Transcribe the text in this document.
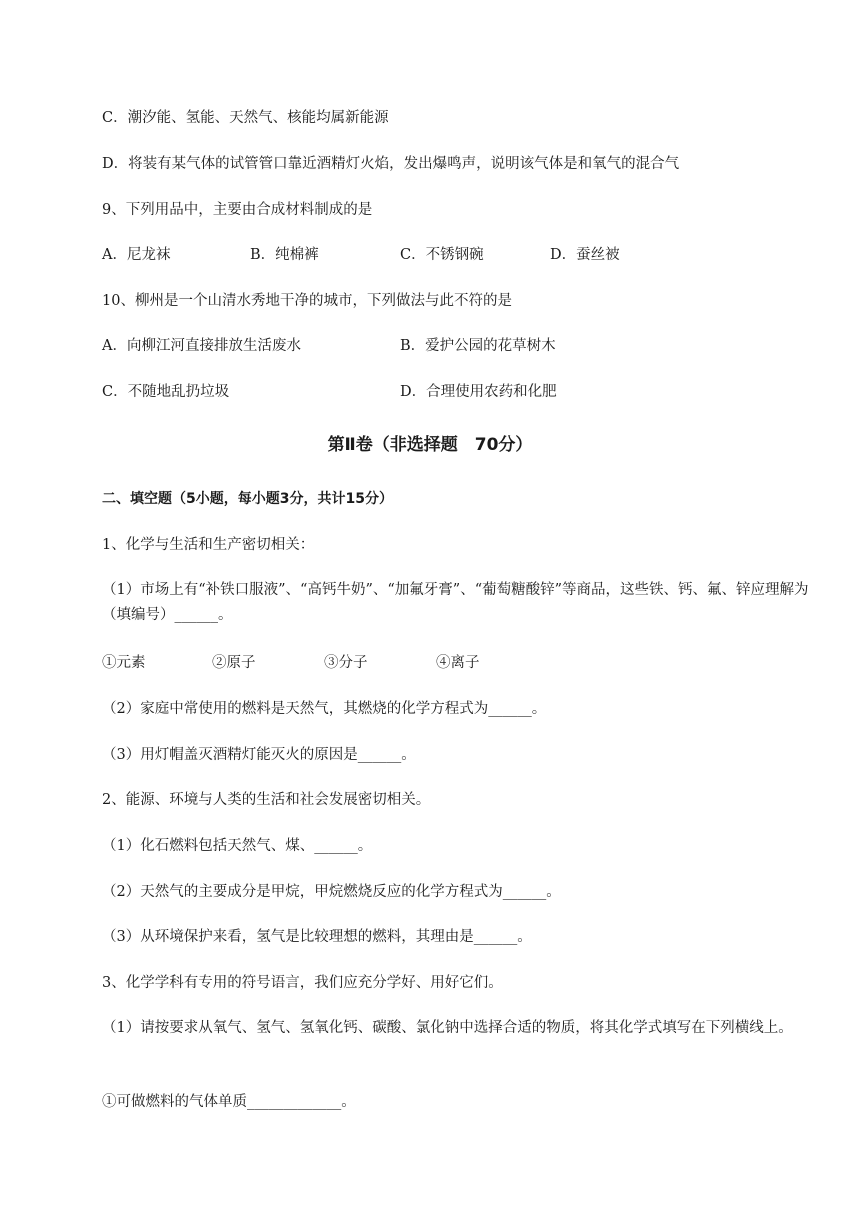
C．潮汐能、氢能、天然气、核能均属新能源
D．将装有某气体的试管管口靠近酒精灯火焰，发出爆鸣声，说明该气体是和氧气的混合气
9、下列用品中，主要由合成材料制成的是
A．尼龙袜	B．纯棉裤	C．不锈钢碗	D．蚕丝被
10、柳州是一个山清水秀地干净的城市，下列做法与此不符的是
A．向柳江河直接排放生活废水	B．爱护公园的花草树木
C．不随地乱扔垃圾	D．合理使用农药和化肥
第Ⅱ卷（非选择题　70分）
二、填空题（5小题，每小题3分，共计15分）
1、化学与生活和生产密切相关：
（1）市场上有“补铁口服液”、“高钙牛奶”、“加氟牙膏”、“葡萄糖酸锌”等商品，这些铁、钙、氟、锌应理解为（填编号）______。
①元素	②原子	③分子	④离子
（2）家庭中常使用的燃料是天然气，其燃烧的化学方程式为______。
（3）用灯帽盖灭酒精灯能灭火的原因是______。
2、能源、环境与人类的生活和社会发展密切相关。
（1）化石燃料包括天然气、煤、______。
（2）天然气的主要成分是甲烷，甲烷燃烧反应的化学方程式为______。
（3）从环境保护来看，氢气是比较理想的燃料，其理由是______。
3、化学学科有专用的符号语言，我们应充分学好、用好它们。
（1）请按要求从氧气、氢气、氢氧化钙、碳酸、氯化钠中选择合适的物质，将其化学式填写在下列横线上。
①可做燃料的气体单质_____________。
